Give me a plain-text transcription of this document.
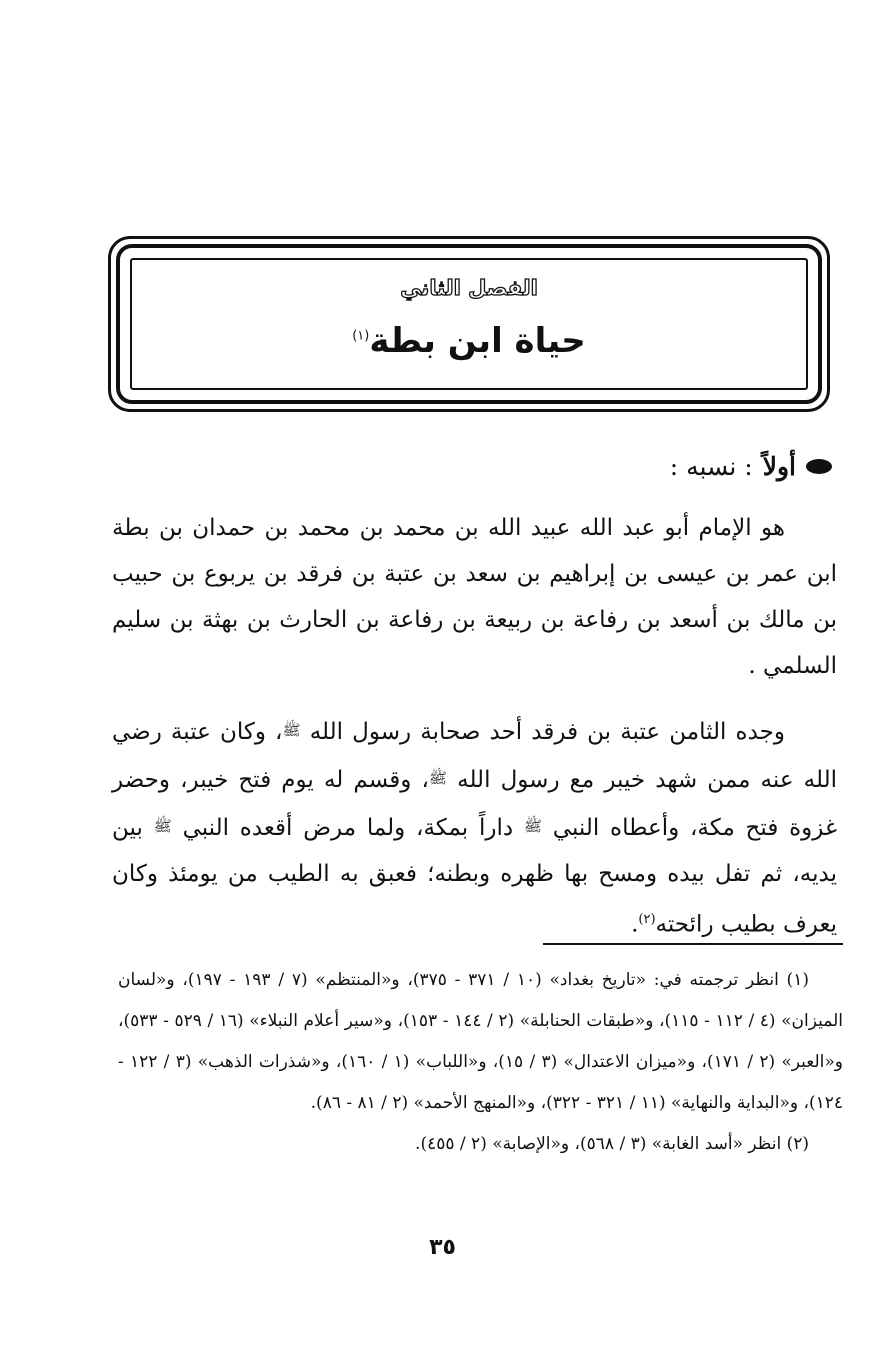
الفصل الثاني
حياة ابن بطة$^{(١)}$
أولاً
: نسبه :

هو الإمام أبو عبد الله عبيد الله بن محمد بن محمد بن حمدان بن بطة ابن عمر بن عيسى بن إبراهيم بن سعد بن عتبة بن فرقد بن يربوع بن حبيب بن مالك بن أسعد بن رفاعة بن ربيعة بن رفاعة بن الحارث بن بهثة بن سليم السلمي .

وجده الثامن عتبة بن فرقد أحد صحابة رسول الله ﷺ، وكان عتبة رضي الله عنه ممن شهد خيبر مع رسول الله ﷺ، وقسم له يوم فتح خيبر، وحضر غزوة فتح مكة، وأعطاه النبي ﷺ داراً بمكة، ولما مرض أقعده النبي ﷺ بين يديه، ثم تفل بيده ومسح بها ظهره وبطنه؛ فعبق به الطيب من يومئذ وكان يعرف بطيب رائحته$^{(٢)}$.

(١) انظر ترجمته في: «تاريخ بغداد» (١٠ / ٣٧١ - ٣٧٥)، و«المنتظم» (٧ / ١٩٣ - ١٩٧)، و«لسان الميزان» (٤ / ١١٢ - ١١٥)، و«طبقات الحنابلة» (٢ / ١٤٤ - ١٥٣)، و«سير أعلام النبلاء» (١٦ / ٥٢٩ - ٥٣٣)، و«العبر» (٢ / ١٧١)، و«ميزان الاعتدال» (٣ / ١٥)، و«اللباب» (١ / ١٦٠)، و«شذرات الذهب» (٣ / ١٢٢ - ١٢٤)، و«البداية والنهاية» (١١ / ٣٢١ - ٣٢٢)، و«المنهج الأحمد» (٢ / ٨١ - ٨٦).
(٢) انظر «أسد الغابة» (٣ / ٥٦٨)، و«الإصابة» (٢ / ٤٥٥).
٣٥
